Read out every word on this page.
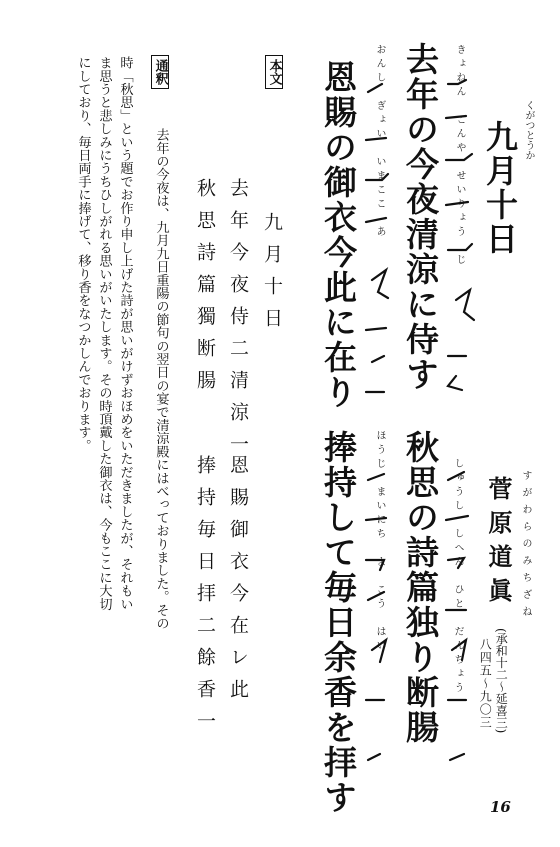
くがつとうか
九月十日
すがわらのみちざね
菅原道眞
(承和十二〜延喜三)
八四五〜九〇三
きょねん　こんや　せいりょう　じ
去年の今夜清涼に侍す
しゅうし　しへん　ひと　だんちょう
秋思の詩篇独り断腸
おんし　ぎょい　いまここ　あ
恩賜の御衣今此に在り
ほうじ　まいにち　よ　こう　はい
捧持して毎日余香を拝す
本文
九月十日
去年今夜侍二清涼一
秋思詩篇獨断腸
恩賜御衣今在レ此
捧持毎日拝二餘香一
通釈
去年の今夜は、九月九日重陽の節句の翌日の宴で清涼殿にはべっておりました。その
時「秋思」という題でお作り申し上げた詩が思いがけずおほめをいただきましたが、それもい
ま思うと悲しみにうちひしがれる思いがいたします。その時頂戴した御衣は、今もここに大切
にしており、毎日両手に捧げて、移り香をなつかしんでおります。
16
